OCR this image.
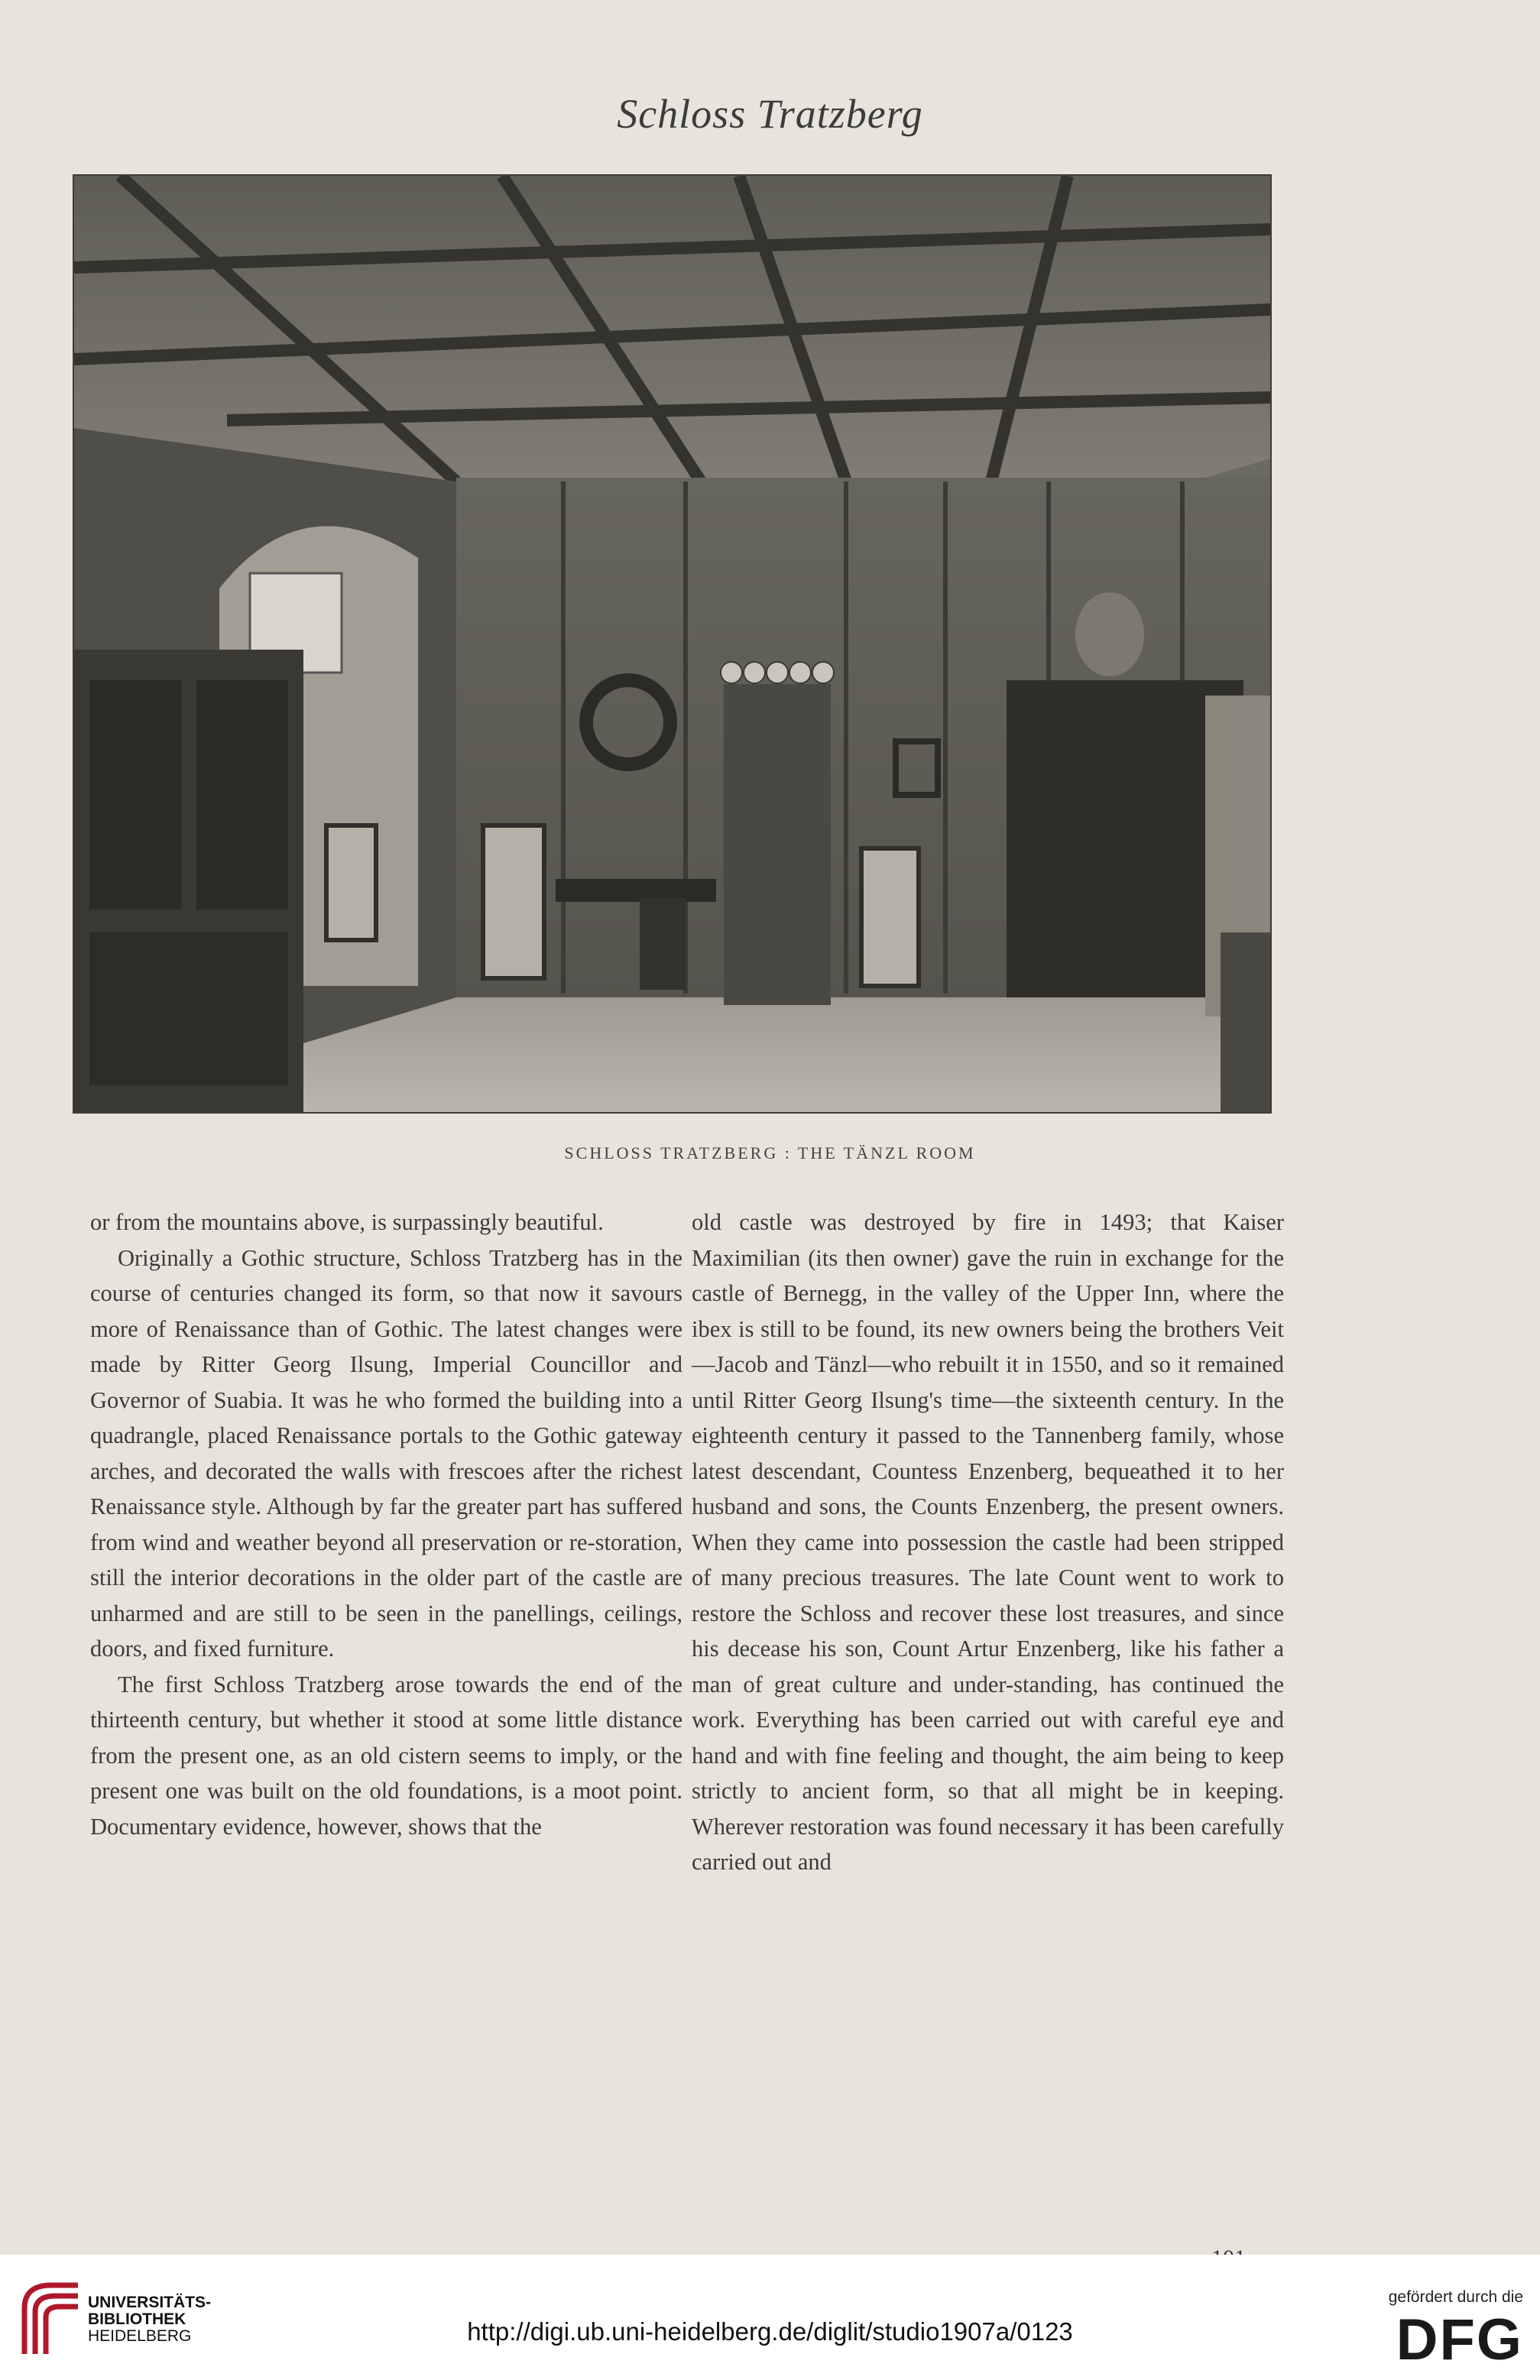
Schloss Tratzberg
SCHLOSS TRATZBERG : THE TÄNZL ROOM

or from the mountains above, is surpassingly beautiful.

Originally a Gothic structure, Schloss Tratzberg has in the course of centuries changed its form, so that now it savours more of Renaissance than of Gothic. The latest changes were made by Ritter Georg Ilsung, Imperial Councillor and Governor of Suabia. It was he who formed the building into a quadrangle, placed Renaissance portals to the Gothic gateway arches, and decorated the walls with frescoes after the richest Renaissance style. Although by far the greater part has suffered from wind and weather beyond all preservation or re-storation, still the interior decorations in the older part of the castle are unharmed and are still to be seen in the panellings, ceilings, doors, and fixed furniture.

The first Schloss Tratzberg arose towards the end of the thirteenth century, but whether it stood at some little distance from the present one, as an old cistern seems to imply, or the present one was built on the old foundations, is a moot point. Documentary evidence, however, shows that the

old castle was destroyed by fire in 1493; that Kaiser Maximilian (its then owner) gave the ruin in exchange for the castle of Bernegg, in the valley of the Upper Inn, where the ibex is still to be found, its new owners being the brothers Veit—Jacob and Tänzl—who rebuilt it in 1550, and so it remained until Ritter Georg Ilsung's time—the sixteenth century. In the eighteenth century it passed to the Tannenberg family, whose latest descendant, Countess Enzenberg, bequeathed it to her husband and sons, the Counts Enzenberg, the present owners. When they came into possession the castle had been stripped of many precious treasures. The late Count went to work to restore the Schloss and recover these lost treasures, and since his decease his son, Count Artur Enzenberg, like his father a man of great culture and under-standing, has continued the work. Everything has been carried out with careful eye and hand and with fine feeling and thought, the aim being to keep strictly to ancient form, so that all might be in keeping. Wherever restoration was found necessary it has been carefully carried out and

UNIVERSITÄTS-
BIBLIOTHEK
HEIDELBERG	http://digi.ub.uni-heidelberg.de/diglit/studio1907a/0123
gefördert durch die
DFG
